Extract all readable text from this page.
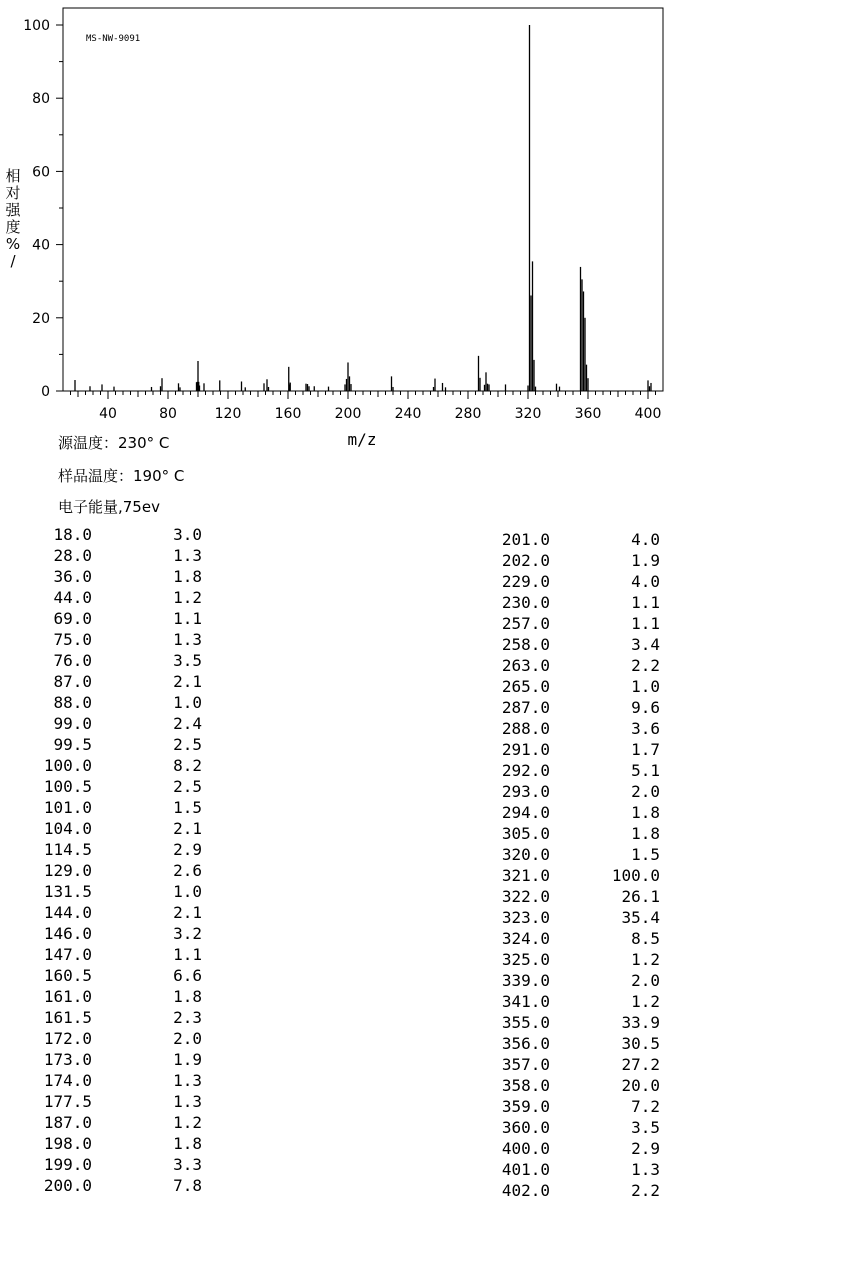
0
20
40
60
80
100
40	80	120 160 200 240 280 320 360 400
m/z
MS-NW-9091
相
对
强
度
%
/
源温度：230° C
样品温度：190° C
电子能量,75ev
18.0	3.0
28.0	1.3
36.0	1.8
44.0	1.2
69.0	1.1
75.0	1.3
76.0	3.5
87.0	2.1
88.0	1.0
99.0	2.4
99.5	2.5
100.0	8.2
100.5	2.5
101.0	1.5
104.0	2.1
114.5	2.9
129.0	2.6
131.5	1.0
144.0	2.1
146.0	3.2
147.0	1.1
160.5	6.6
161.0	1.8
161.5	2.3
172.0	2.0
173.0	1.9
174.0	1.3
177.5	1.3
187.0	1.2
198.0	1.8
199.0	3.3
200.0	7.8
201.0	4.0
202.0	1.9
229.0	4.0
230.0	1.1
257.0	1.1
258.0	3.4
263.0	2.2
265.0	1.0
287.0	9.6
288.0	3.6
291.0	1.7
292.0	5.1
293.0	2.0
294.0	1.8
305.0	1.8
320.0	1.5
321.0	100.0
322.0	26.1
323.0	35.4
324.0	8.5
325.0	1.2
339.0	2.0
341.0	1.2
355.0	33.9
356.0	30.5
357.0	27.2
358.0	20.0
359.0	7.2
360.0	3.5
400.0	2.9
401.0	1.3
402.0	2.2
